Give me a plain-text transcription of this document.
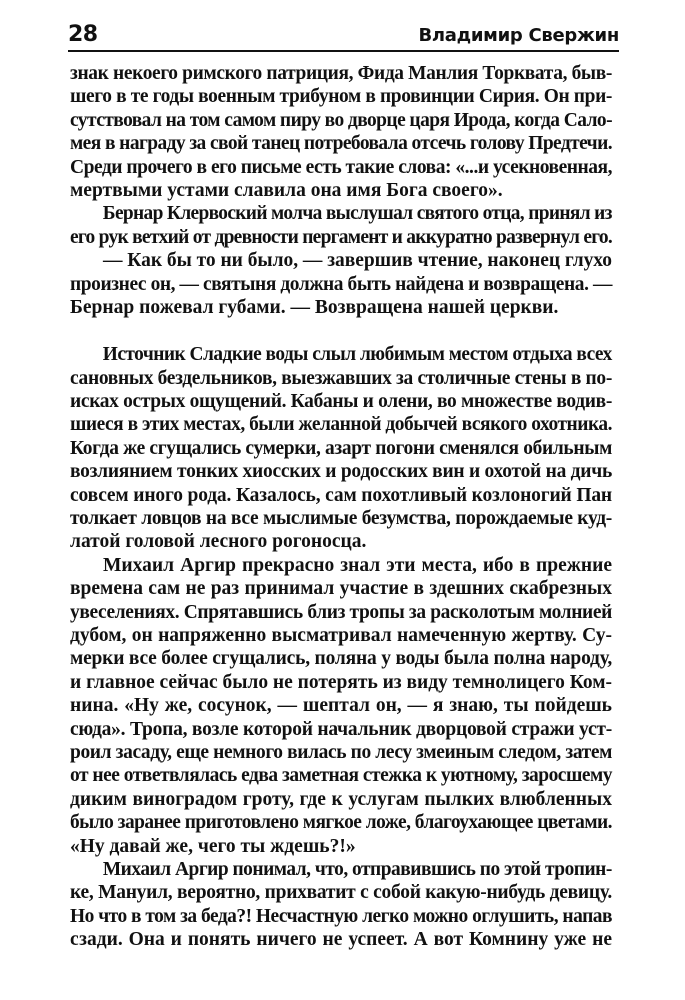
28	Владимир Свержин
знак некоего римского патриция, Фида Манлия Торквата, быв-
шего в те годы военным трибуном в провинции Сирия. Он при-
сутствовал на том самом пиру во дворце царя Ирода, когда Сало-
мея в награду за свой танец потребовала отсечь голову Предтечи.
Среди прочего в его письме есть такие слова: «...и усекновенная,
мертвыми устами славила она имя Бога своего».
Бернар Клервоский молча выслушал святого отца, принял из
его рук ветхий от древности пергамент и аккуратно развернул его.
— Как бы то ни было, — завершив чтение, наконец глухо
произнес он, — святыня должна быть найдена и возвращена. —
Бернар пожевал губами. — Возвращена нашей церкви.
Источник Сладкие воды слыл любимым местом отдыха всех
сановных бездельников, выезжавших за столичные стены в по-
исках острых ощущений. Кабаны и олени, во множестве водив-
шиеся в этих местах, были желанной добычей всякого охотника.
Когда же сгущались сумерки, азарт погони сменялся обильным
возлиянием тонких хиосских и родосских вин и охотой на дичь
совсем иного рода. Казалось, сам похотливый козлоногий Пан
толкает ловцов на все мыслимые безумства, порождаемые куд-
латой головой лесного рогоносца.
Михаил Аргир прекрасно знал эти места, ибо в прежние
времена сам не раз принимал участие в здешних скабрезных
увеселениях. Спрятавшись близ тропы за расколотым молнией
дубом, он напряженно высматривал намеченную жертву. Су-
мерки все более сгущались, поляна у воды была полна народу,
и главное сейчас было не потерять из виду темнолицего Ком-
нина. «Ну же, сосунок, — шептал он, — я знаю, ты пойдешь
сюда». Тропа, возле которой начальник дворцовой стражи уст-
роил засаду, еще немного вилась по лесу змеиным следом, затем
от нее ответвлялась едва заметная стежка к уютному, заросшему
диким виноградом гроту, где к услугам пылких влюбленных
было заранее приготовлено мягкое ложе, благоухающее цветами.
«Ну давай же, чего ты ждешь?!»
Михаил Аргир понимал, что, отправившись по этой тропин-
ке, Мануил, вероятно, прихватит с собой какую-нибудь девицу.
Но что в том за беда?! Несчастную легко можно оглушить, напав
сзади. Она и понять ничего не успеет. А вот Комнину уже не
